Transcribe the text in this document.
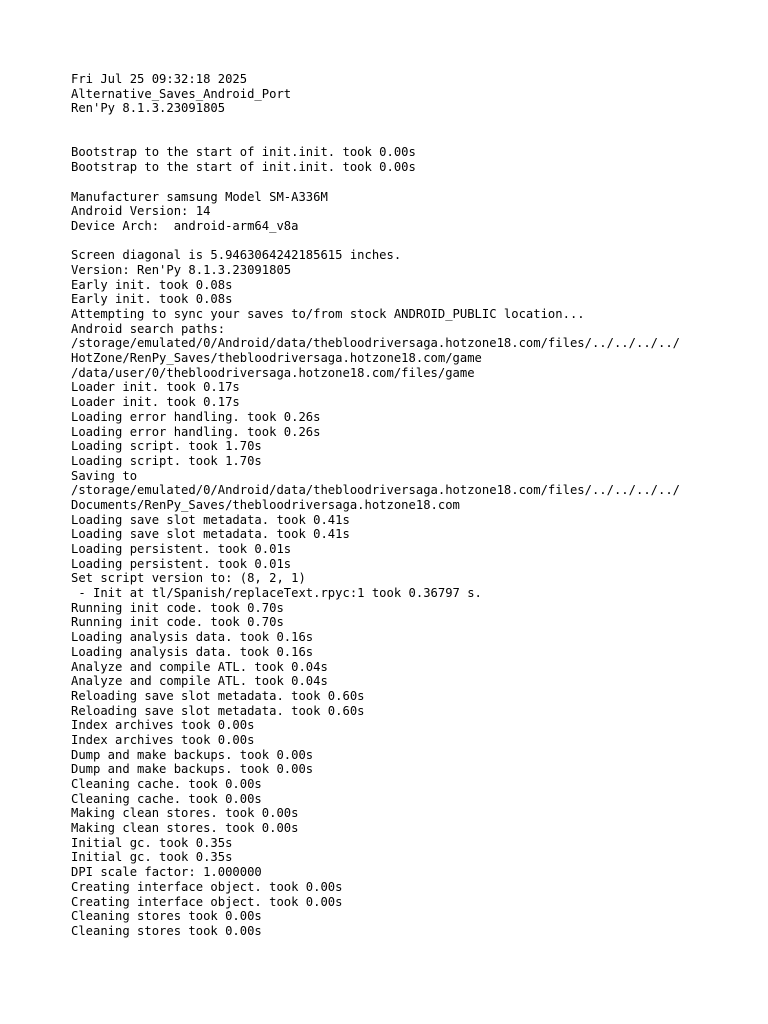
Fri Jul 25 09:32:18 2025
Alternative_Saves_Android_Port
Ren'Py 8.1.3.23091805
Bootstrap to the start of init.init. took 0.00s
Bootstrap to the start of init.init. took 0.00s
Manufacturer samsung Model SM-A336M
Android Version: 14
Device Arch:  android-arm64_v8a
Screen diagonal is 5.9463064242185615 inches.
Version: Ren'Py 8.1.3.23091805
Early init. took 0.08s
Early init. took 0.08s
Attempting to sync your saves to/from stock ANDROID_PUBLIC location...
Android search paths:
/storage/emulated/0/Android/data/thebloodriversaga.hotzone18.com/files/../../../../
HotZone/RenPy_Saves/thebloodriversaga.hotzone18.com/game
/data/user/0/thebloodriversaga.hotzone18.com/files/game
Loader init. took 0.17s
Loader init. took 0.17s
Loading error handling. took 0.26s
Loading error handling. took 0.26s
Loading script. took 1.70s
Loading script. took 1.70s
Saving to
/storage/emulated/0/Android/data/thebloodriversaga.hotzone18.com/files/../../../../
Documents/RenPy_Saves/thebloodriversaga.hotzone18.com
Loading save slot metadata. took 0.41s
Loading save slot metadata. took 0.41s
Loading persistent. took 0.01s
Loading persistent. took 0.01s
Set script version to: (8, 2, 1)
- Init at tl/Spanish/replaceText.rpyc:1 took 0.36797 s.
Running init code. took 0.70s
Running init code. took 0.70s
Loading analysis data. took 0.16s
Loading analysis data. took 0.16s
Analyze and compile ATL. took 0.04s
Analyze and compile ATL. took 0.04s
Reloading save slot metadata. took 0.60s
Reloading save slot metadata. took 0.60s
Index archives took 0.00s
Index archives took 0.00s
Dump and make backups. took 0.00s
Dump and make backups. took 0.00s
Cleaning cache. took 0.00s
Cleaning cache. took 0.00s
Making clean stores. took 0.00s
Making clean stores. took 0.00s
Initial gc. took 0.35s
Initial gc. took 0.35s
DPI scale factor: 1.000000
Creating interface object. took 0.00s
Creating interface object. took 0.00s
Cleaning stores took 0.00s
Cleaning stores took 0.00s
